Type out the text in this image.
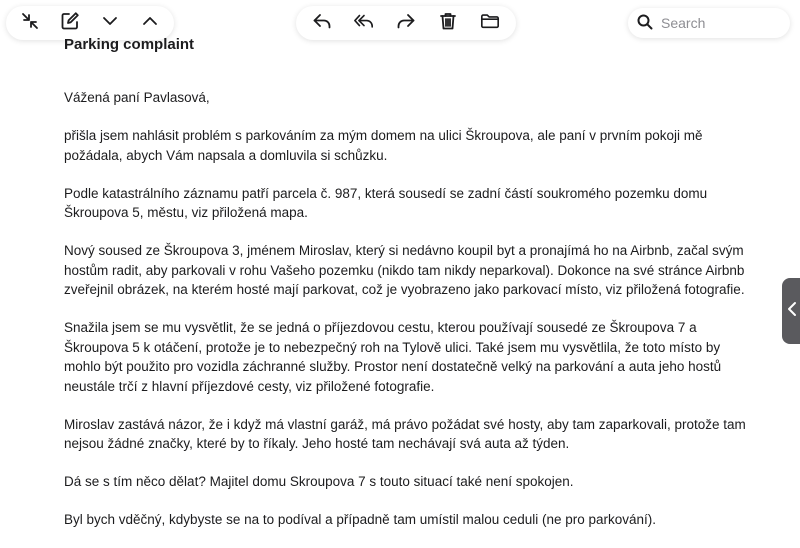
Search
Parking complaint

Vážená paní Pavlasová,

přišla jsem nahlásit problém s parkováním za mým domem na ulici Škroupova, ale paní v prvním pokoji mě požádala, abych Vám napsala a domluvila si schůzku.

Podle katastrálního záznamu patří parcela č. 987, která sousedí se zadní částí soukromého pozemku domu Škroupova 5, městu, viz přiložená mapa.

Nový soused ze Škroupova 3, jménem Miroslav, který si nedávno koupil byt a pronajímá ho na Airbnb, začal svým hostům radit, aby parkovali v rohu Vašeho pozemku (nikdo tam nikdy neparkoval). Dokonce na své stránce Airbnb zveřejnil obrázek, na kterém hosté mají parkovat, což je vyobrazeno jako parkovací místo, viz přiložená fotografie.

Snažila jsem se mu vysvětlit, že se jedná o příjezdovou cestu, kterou používají sousedé ze Škroupova 7 a Škroupova 5 k otáčení, protože je to nebezpečný roh na Tylově ulici. Také jsem mu vysvětlila, že toto místo by mohlo být použito pro vozidla záchranné služby. Prostor není dostatečně velký na parkování a auta jeho hostů neustále trčí z hlavní příjezdové cesty, viz přiložené fotografie.

Miroslav zastává názor, že i když má vlastní garáž, má právo požádat své hosty, aby tam zaparkovali, protože tam nejsou žádné značky, které by to říkaly. Jeho hosté tam nechávají svá auta až týden.

Dá se s tím něco dělat? Majitel domu Skroupova 7 s touto situací také není spokojen.

Byl bych vděčný, kdybyste se na to podíval a případně tam umístil malou ceduli (ne pro parkování).
